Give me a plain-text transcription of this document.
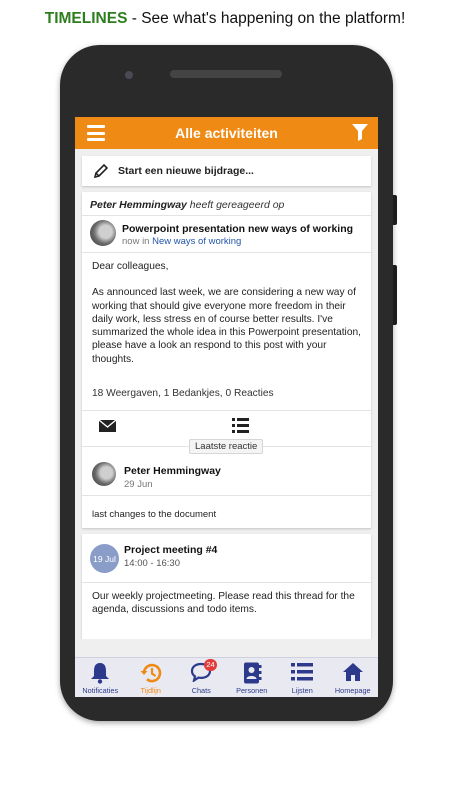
TIMELINES - See what's happening on the platform!
Alle activiteiten
Start een nieuwe bijdrage...
Peter Hemmingway heeft gereageerd op
Powerpoint presentation new ways of working
now in New ways of working

Dear colleagues,

As announced last week, we are considering a new way of working that should give everyone more freedom in their daily work, less stress en of course better results. I've summarized the whole idea in this Powerpoint presentation, please have a look an respond to this post with your thoughts.

18 Weergaven, 1 Bedankjes, 0 Reacties
Laatste reactie
Peter Hemmingway
29 Jun
last changes to the document
19 Jul
Project meeting #4
14:00 - 16:30
Our weekly projectmeeting. Please read this thread for the agenda, discussions and todo items.
Notificaties	Tijdlijn
24
Chats	Personen	Lijsten	Homepage
